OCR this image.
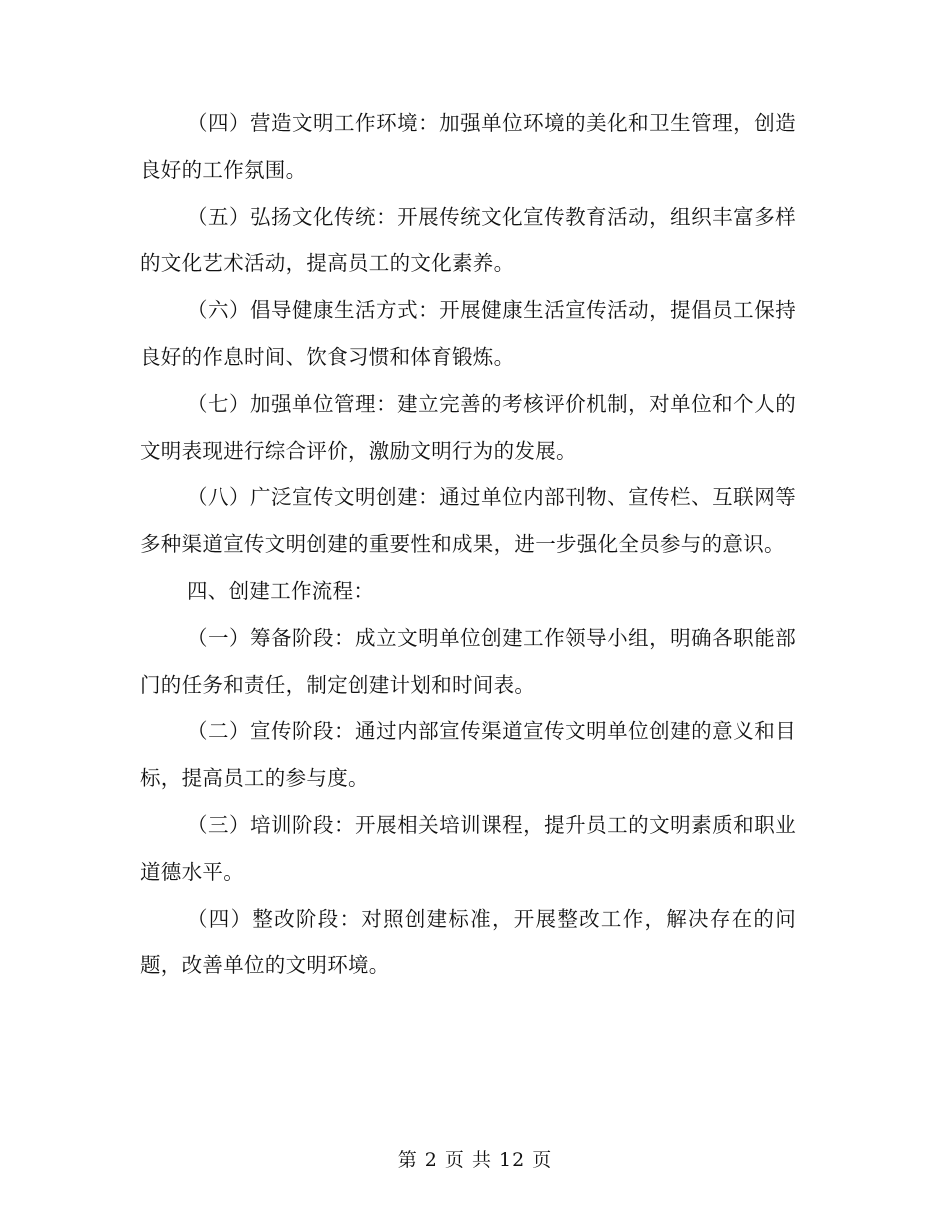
（四）营造文明工作环境：加强单位环境的美化和卫生管理，创造良好的工作氛围。

（五）弘扬文化传统：开展传统文化宣传教育活动，组织丰富多样的文化艺术活动，提高员工的文化素养。

（六）倡导健康生活方式：开展健康生活宣传活动，提倡员工保持良好的作息时间、饮食习惯和体育锻炼。

（七）加强单位管理：建立完善的考核评价机制，对单位和个人的文明表现进行综合评价，激励文明行为的发展。

（八）广泛宣传文明创建：通过单位内部刊物、宣传栏、互联网等多种渠道宣传文明创建的重要性和成果，进一步强化全员参与的意识。

四、创建工作流程：

（一）筹备阶段：成立文明单位创建工作领导小组，明确各职能部门的任务和责任，制定创建计划和时间表。

（二）宣传阶段：通过内部宣传渠道宣传文明单位创建的意义和目标，提高员工的参与度。

（三）培训阶段：开展相关培训课程，提升员工的文明素质和职业道德水平。

（四）整改阶段：对照创建标准，开展整改工作，解决存在的问题，改善单位的文明环境。

第 2 页 共 12 页
